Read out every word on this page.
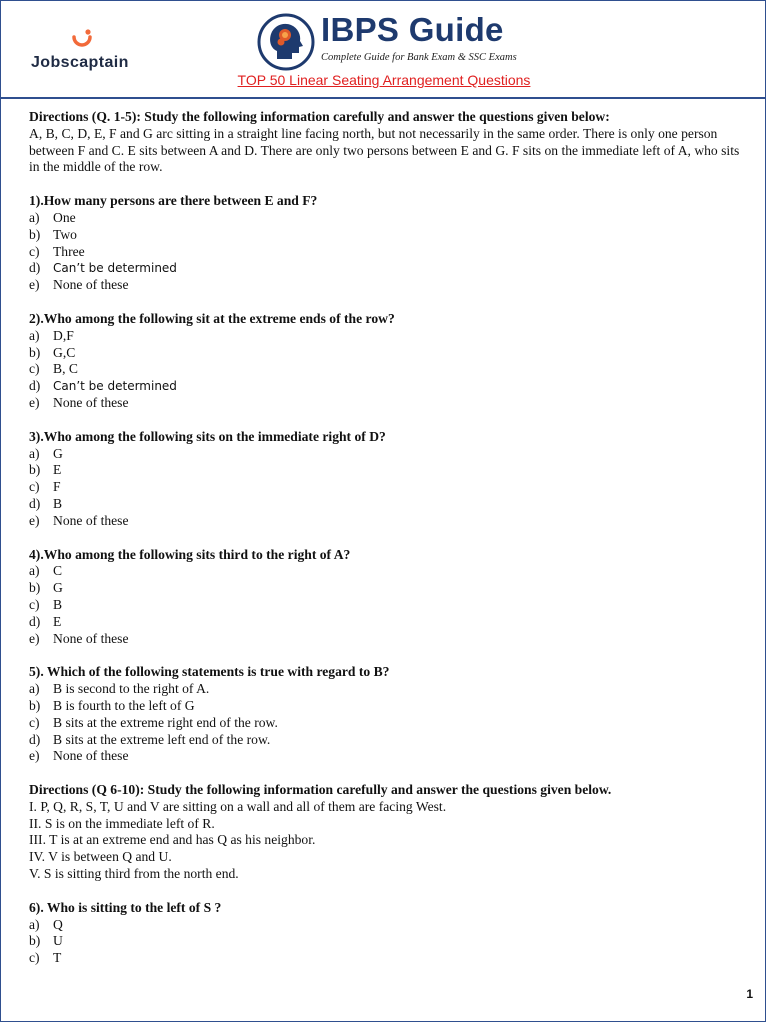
Jobscaptain
IBPS Guide
Complete Guide for Bank Exam & SSC Exams
TOP 50 Linear Seating Arrangement Questions

Directions (Q. 1-5): Study the following information carefully and answer the questions given below:

A, B, C, D, E, F and G arc sitting in a straight line facing north, but not necessarily in the same order. There is only one person between F and C. E sits between A and D. There are only two persons between E and G. F sits on the immediate left of A, who sits in the middle of the row.

1).How many persons are there between E and F?

a) One
b) Two
c) Three
d) Can’t be determined
e) None of these

2).Who among the following sit at the extreme ends of the row?

a) D,F
b) G,C
c) B, C
d) Can’t be determined
e) None of these

3).Who among the following sits on the immediate right of D?

a) G
b) E
c) F
d) B
e) None of these

4).Who among the following sits third to the right of A?

a) C
b) G
c) B
d) E
e) None of these

5). Which of the following statements is true with regard to B?

a) B is second to the right of A.
b) B is fourth to the left of G
c) B sits at the extreme right end of the row.
d) B sits at the extreme left end of the row.
e) None of these

Directions (Q 6-10): Study the following information carefully and answer the questions given below.

I. P, Q, R, S, T, U and V are sitting on a wall and all of them are facing West.

II. S is on the immediate left of R.

III. T is at an extreme end and has Q as his neighbor.

IV. V is between Q and U.

V. S is sitting third from the north end.

6). Who is sitting to the left of S ?

a) Q
b) U
c) T
1
